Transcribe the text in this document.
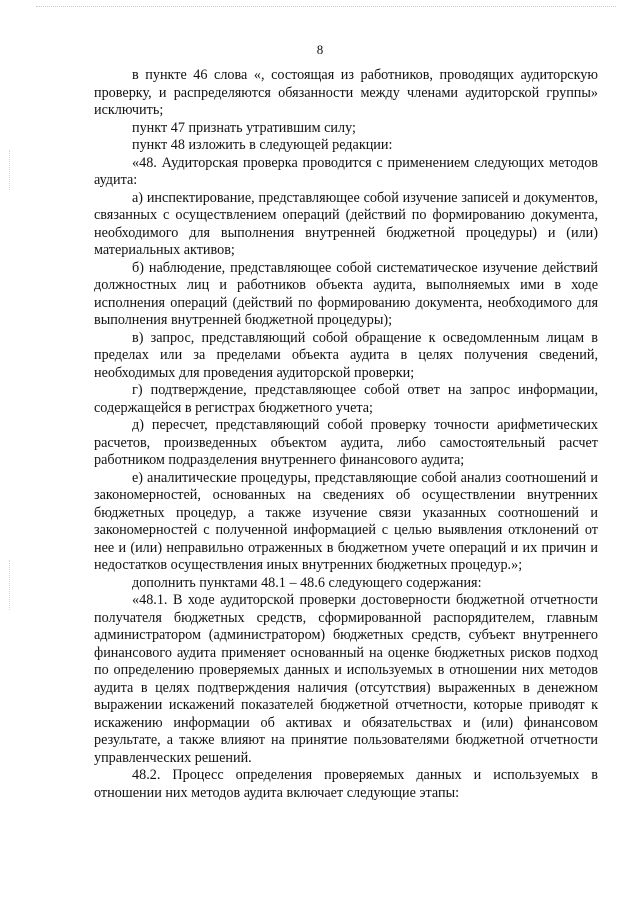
8

в пункте 46 слова «, состоящая из работников, проводящих аудиторскую проверку, и распределяются обязанности между членами аудиторской группы» исключить;

пункт 47 признать утратившим силу;

пункт 48 изложить в следующей редакции:

«48. Аудиторская проверка проводится с применением следующих методов аудита:

а) инспектирование, представляющее собой изучение записей и документов, связанных с осуществлением операций (действий по формированию документа, необходимого для выполнения внутренней бюджетной процедуры) и (или) материальных активов;

б) наблюдение, представляющее собой систематическое изучение действий должностных лиц и работников объекта аудита, выполняемых ими в ходе исполнения операций (действий по формированию документа, необходимого для выполнения внутренней бюджетной процедуры);

в) запрос, представляющий собой обращение к осведомленным лицам в пределах или за пределами объекта аудита в целях получения сведений, необходимых для проведения аудиторской проверки;

г) подтверждение, представляющее собой ответ на запрос информации, содержащейся в регистрах бюджетного учета;

д) пересчет, представляющий собой проверку точности арифметических расчетов, произведенных объектом аудита, либо самостоятельный расчет работником подразделения внутреннего финансового аудита;

е) аналитические процедуры, представляющие собой анализ соотношений и закономерностей, основанных на сведениях об осуществлении внутренних бюджетных процедур, а также изучение связи указанных соотношений и закономерностей с полученной информацией с целью выявления отклонений от нее и (или) неправильно отраженных в бюджетном учете операций и их причин и недостатков осуществления иных внутренних бюджетных процедур.»;

дополнить пунктами 48.1 – 48.6 следующего содержания:

«48.1. В ходе аудиторской проверки достоверности бюджетной отчетности получателя бюджетных средств, сформированной распорядителем, главным администратором (администратором) бюджетных средств, субъект внутреннего финансового аудита применяет основанный на оценке бюджетных рисков подход по определению проверяемых данных и используемых в отношении них методов аудита в целях подтверждения наличия (отсутствия) выраженных в денежном выражении искажений показателей бюджетной отчетности, которые приводят к искажению информации об активах и обязательствах и (или) финансовом результате, а также влияют на принятие пользователями бюджетной отчетности управленческих решений.

48.2. Процесс определения проверяемых данных и используемых в отношении них методов аудита включает следующие этапы:
